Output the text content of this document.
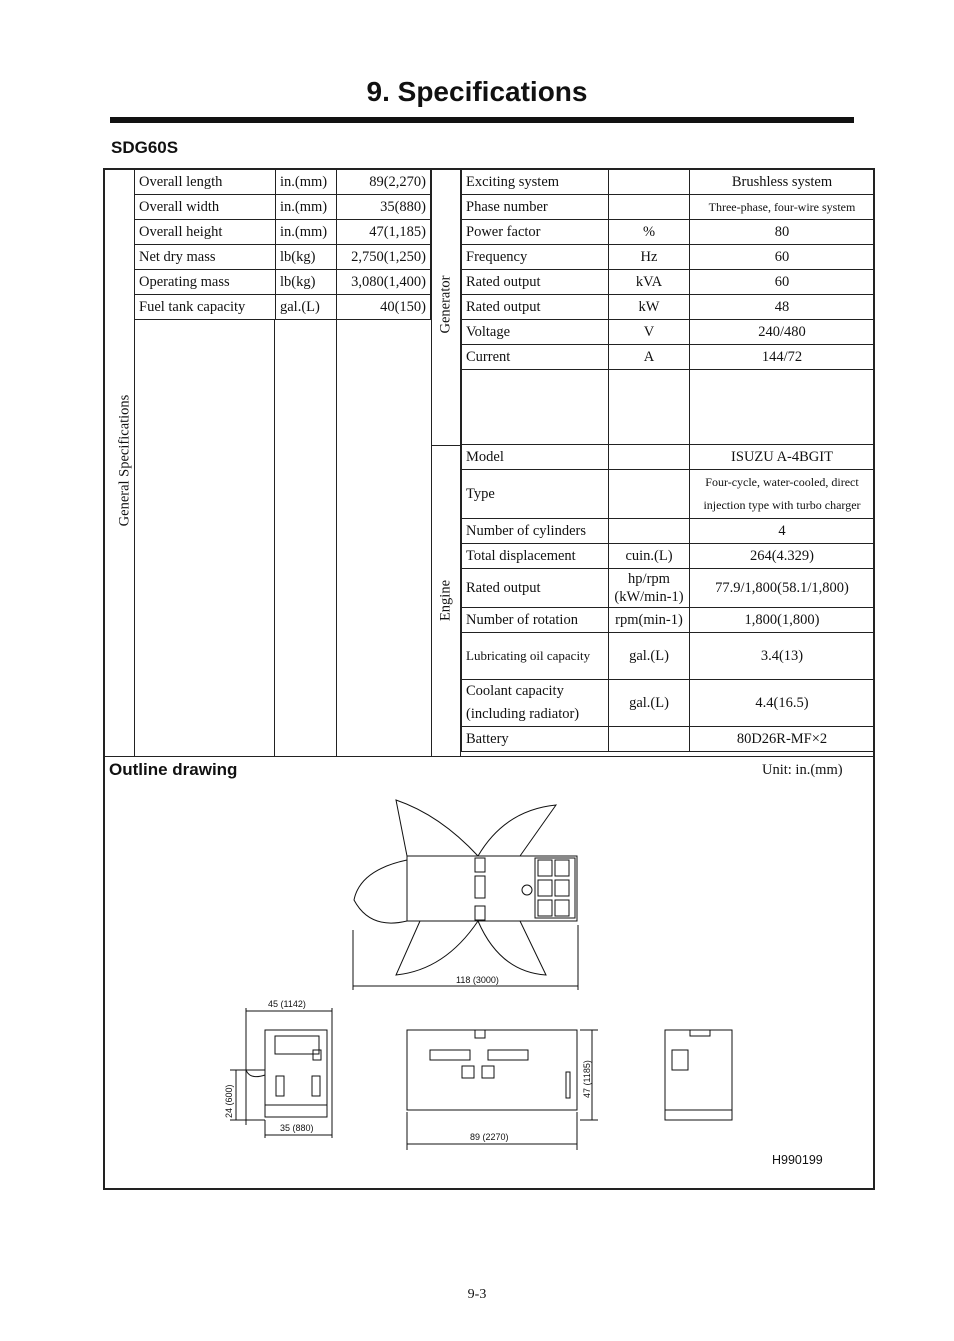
9. Specifications
SDG60S
General Specifications
Generator
Engine
Overall length	in.(mm)	89(2,270)
Overall width	in.(mm)	35(880)
Overall height	in.(mm)	47(1,185)
Net dry mass	lb(kg)	2,750(1,250)
Operating mass	lb(kg)	3,080(1,400)
Fuel tank capacity	gal.(L)	40(150)
Exciting system		Brushless system
Phase number		Three-phase, four-wire system
Power factor	%	80
Frequency	Hz	60
Rated output	kVA	60
Rated output	kW	48
Voltage	V	240/480
Current	A	144/72

Model		ISUZU A-4BGIT
Type		Four-cycle, water-cooled, direct injection type with turbo charger
Number of cylinders		4
Total displacement	cuin.(L)	264(4.329)
Rated output	hp/rpm (kW/min-1)	77.9/1,800(58.1/1,800)
Number of rotation	rpm(min-1)	1,800(1,800)
Lubricating oil capacity	gal.(L)	3.4(13)
Coolant capacity (including radiator)	gal.(L)	4.4(16.5)
Battery		80D26R-MF×2
Outline drawing	Unit: in.(mm)
118 (3000)
45 (1142)
35 (880)
24 (600)
47 (1185)
89 (2270)
H990199
9-3
